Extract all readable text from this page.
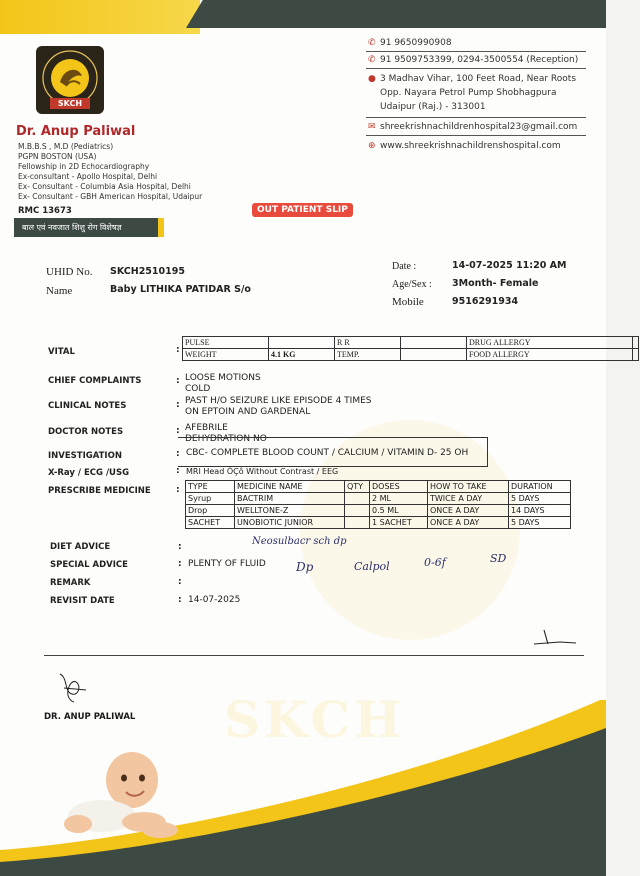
SKCH
SKCH
Dr. Anup Paliwal
M.B.B.S , M.D (Pediatrics)
PGPN BOSTON (USA)
Fellowship in 2D Echocardiography
Ex-consultant - Apollo Hospital, Delhi
Ex- Consultant - Columbia Asia Hospital, Delhi
Ex- Consultant - GBH American Hospital, Udaipur
RMC 13673
बाल एवं नवजात शिशु रोग विशेषज्ञ
✆ 91 9650990908
✆ 91 9509753399, 0294-3500554 (Reception)
● 3 Madhav Vihar, 100 Feet Road, Near Roots
Opp. Nayara Petrol Pump Shobhagpura
Udaipur (Raj.) - 313001
✉ shreekrishnachildrenhospital23@gmail.com
⊕ www.shreekrishnachildrenshospital.com
OUT PATIENT SLIP
UHID No. SKCH2510195
Name	Baby LITHIKA PATIDAR S/o
Date :	14-07-2025 11:20 AM
Age/Sex : 3Month- Female
Mobile	9516291934
VITAL	:
PULSE		R R		DRUG ALLERGY	
WEIGHT	4.1 KG	TEMP.		FOOD ALLERGY	
CHIEF COMPLAINTS	: LOOSE MOTIONS
COLD
CLINICAL NOTES	: PAST H/O SEIZURE LIKE EPISODE 4 TIMES
ON EPTOIN AND GARDENAL
DOCTOR NOTES	: AFEBRILE
DEHYDRATION NO
INVESTIGATION	: CBC- COMPLETE BLOOD COUNT / CALCIUM / VITAMIN D- 25 OH
X-Ray / ECG /USG	: MRI Head ÔÇô Without Contrast / EEG
PRESCRIBE MEDICINE	: TYPE	MEDICINE NAME	QTY	DOSES	HOW TO TAKE	DURATION
Syrup	BACTRIM		2 ML	TWICE A DAY	5 DAYS
Drop	WELLTONE-Z		0.5 ML	ONCE A DAY	14 DAYS
SACHET	UNOBIOTIC JUNIOR		1 SACHET	ONCE A DAY	5 DAYS
DIET ADVICE	:	Neosulbacr sch dp
SPECIAL ADVICE	: PLENTY OF FLUID	Dp	Calpol	0-6f	SD
REMARK	:
REVISIT DATE	: 14-07-2025
DR. ANUP PALIWAL
